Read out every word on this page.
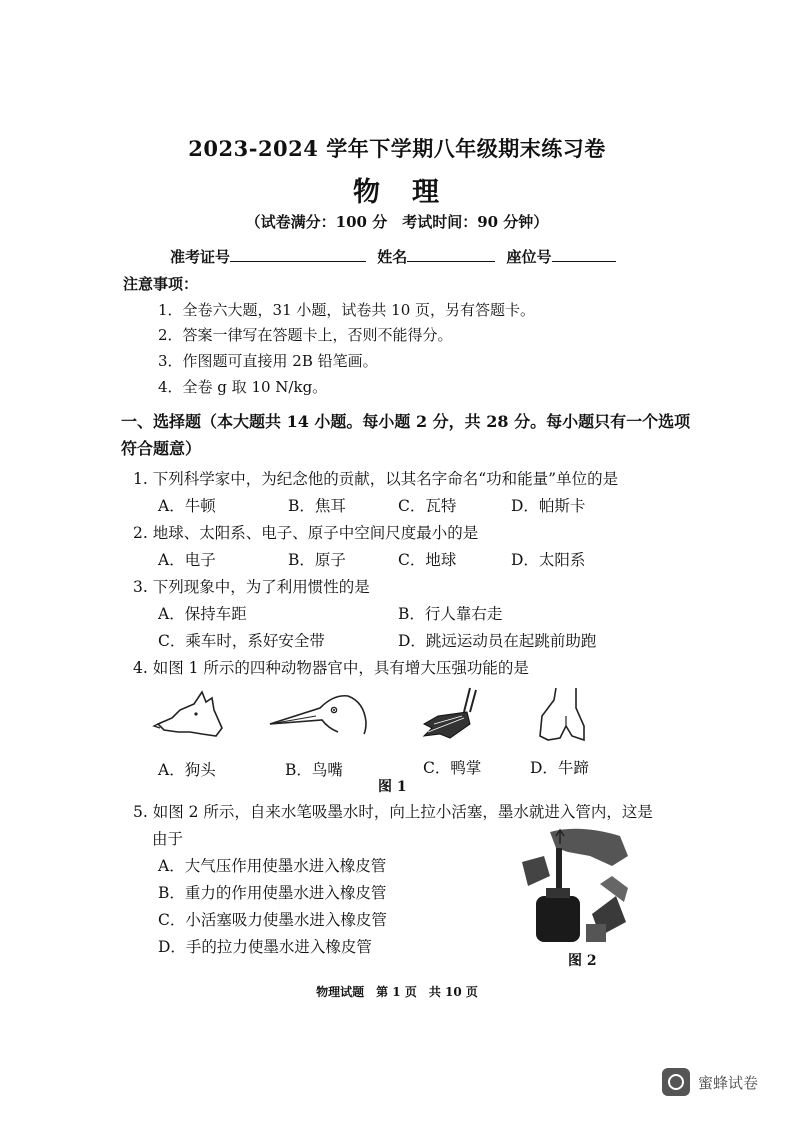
2023-2024 学年下学期八年级期末练习卷
物 理
（试卷满分：100 分　考试时间：90 分钟）
准考证号	姓名	座位号
注意事项：
1．全卷六大题，31 小题，试卷共 10 页，另有答题卡。
2．答案一律写在答题卡上，否则不能得分。
3．作图题可直接用 2B 铅笔画。
4．全卷 g 取 10 N/kg。
一、选择题（本大题共 14 小题。每小题 2 分，共 28 分。每小题只有一个选项
符合题意）
1. 下列科学家中，为纪念他的贡献，以其名字命名“功和能量”单位的是
A．牛顿	B．焦耳	C．瓦特	D．帕斯卡
2. 地球、太阳系、电子、原子中空间尺度最小的是
A．电子	B．原子	C．地球	D．太阳系
3. 下列现象中，为了利用惯性的是
A．保持车距	B．行人靠右走
C．乘车时，系好安全带	D．跳远运动员在起跳前助跑
4. 如图 1 所示的四种动物器官中，具有增大压强功能的是
A．狗头	B．鸟嘴	C．鸭掌	D．牛蹄
图 1
5. 如图 2 所示，自来水笔吸墨水时，向上拉小活塞，墨水就进入管内，这是
由于
A．大气压作用使墨水进入橡皮管
B．重力的作用使墨水进入橡皮管
C．小活塞吸力使墨水进入橡皮管
D．手的拉力使墨水进入橡皮管
图 2
物理试题　第 1 页　共 10 页
蜜蜂试卷
